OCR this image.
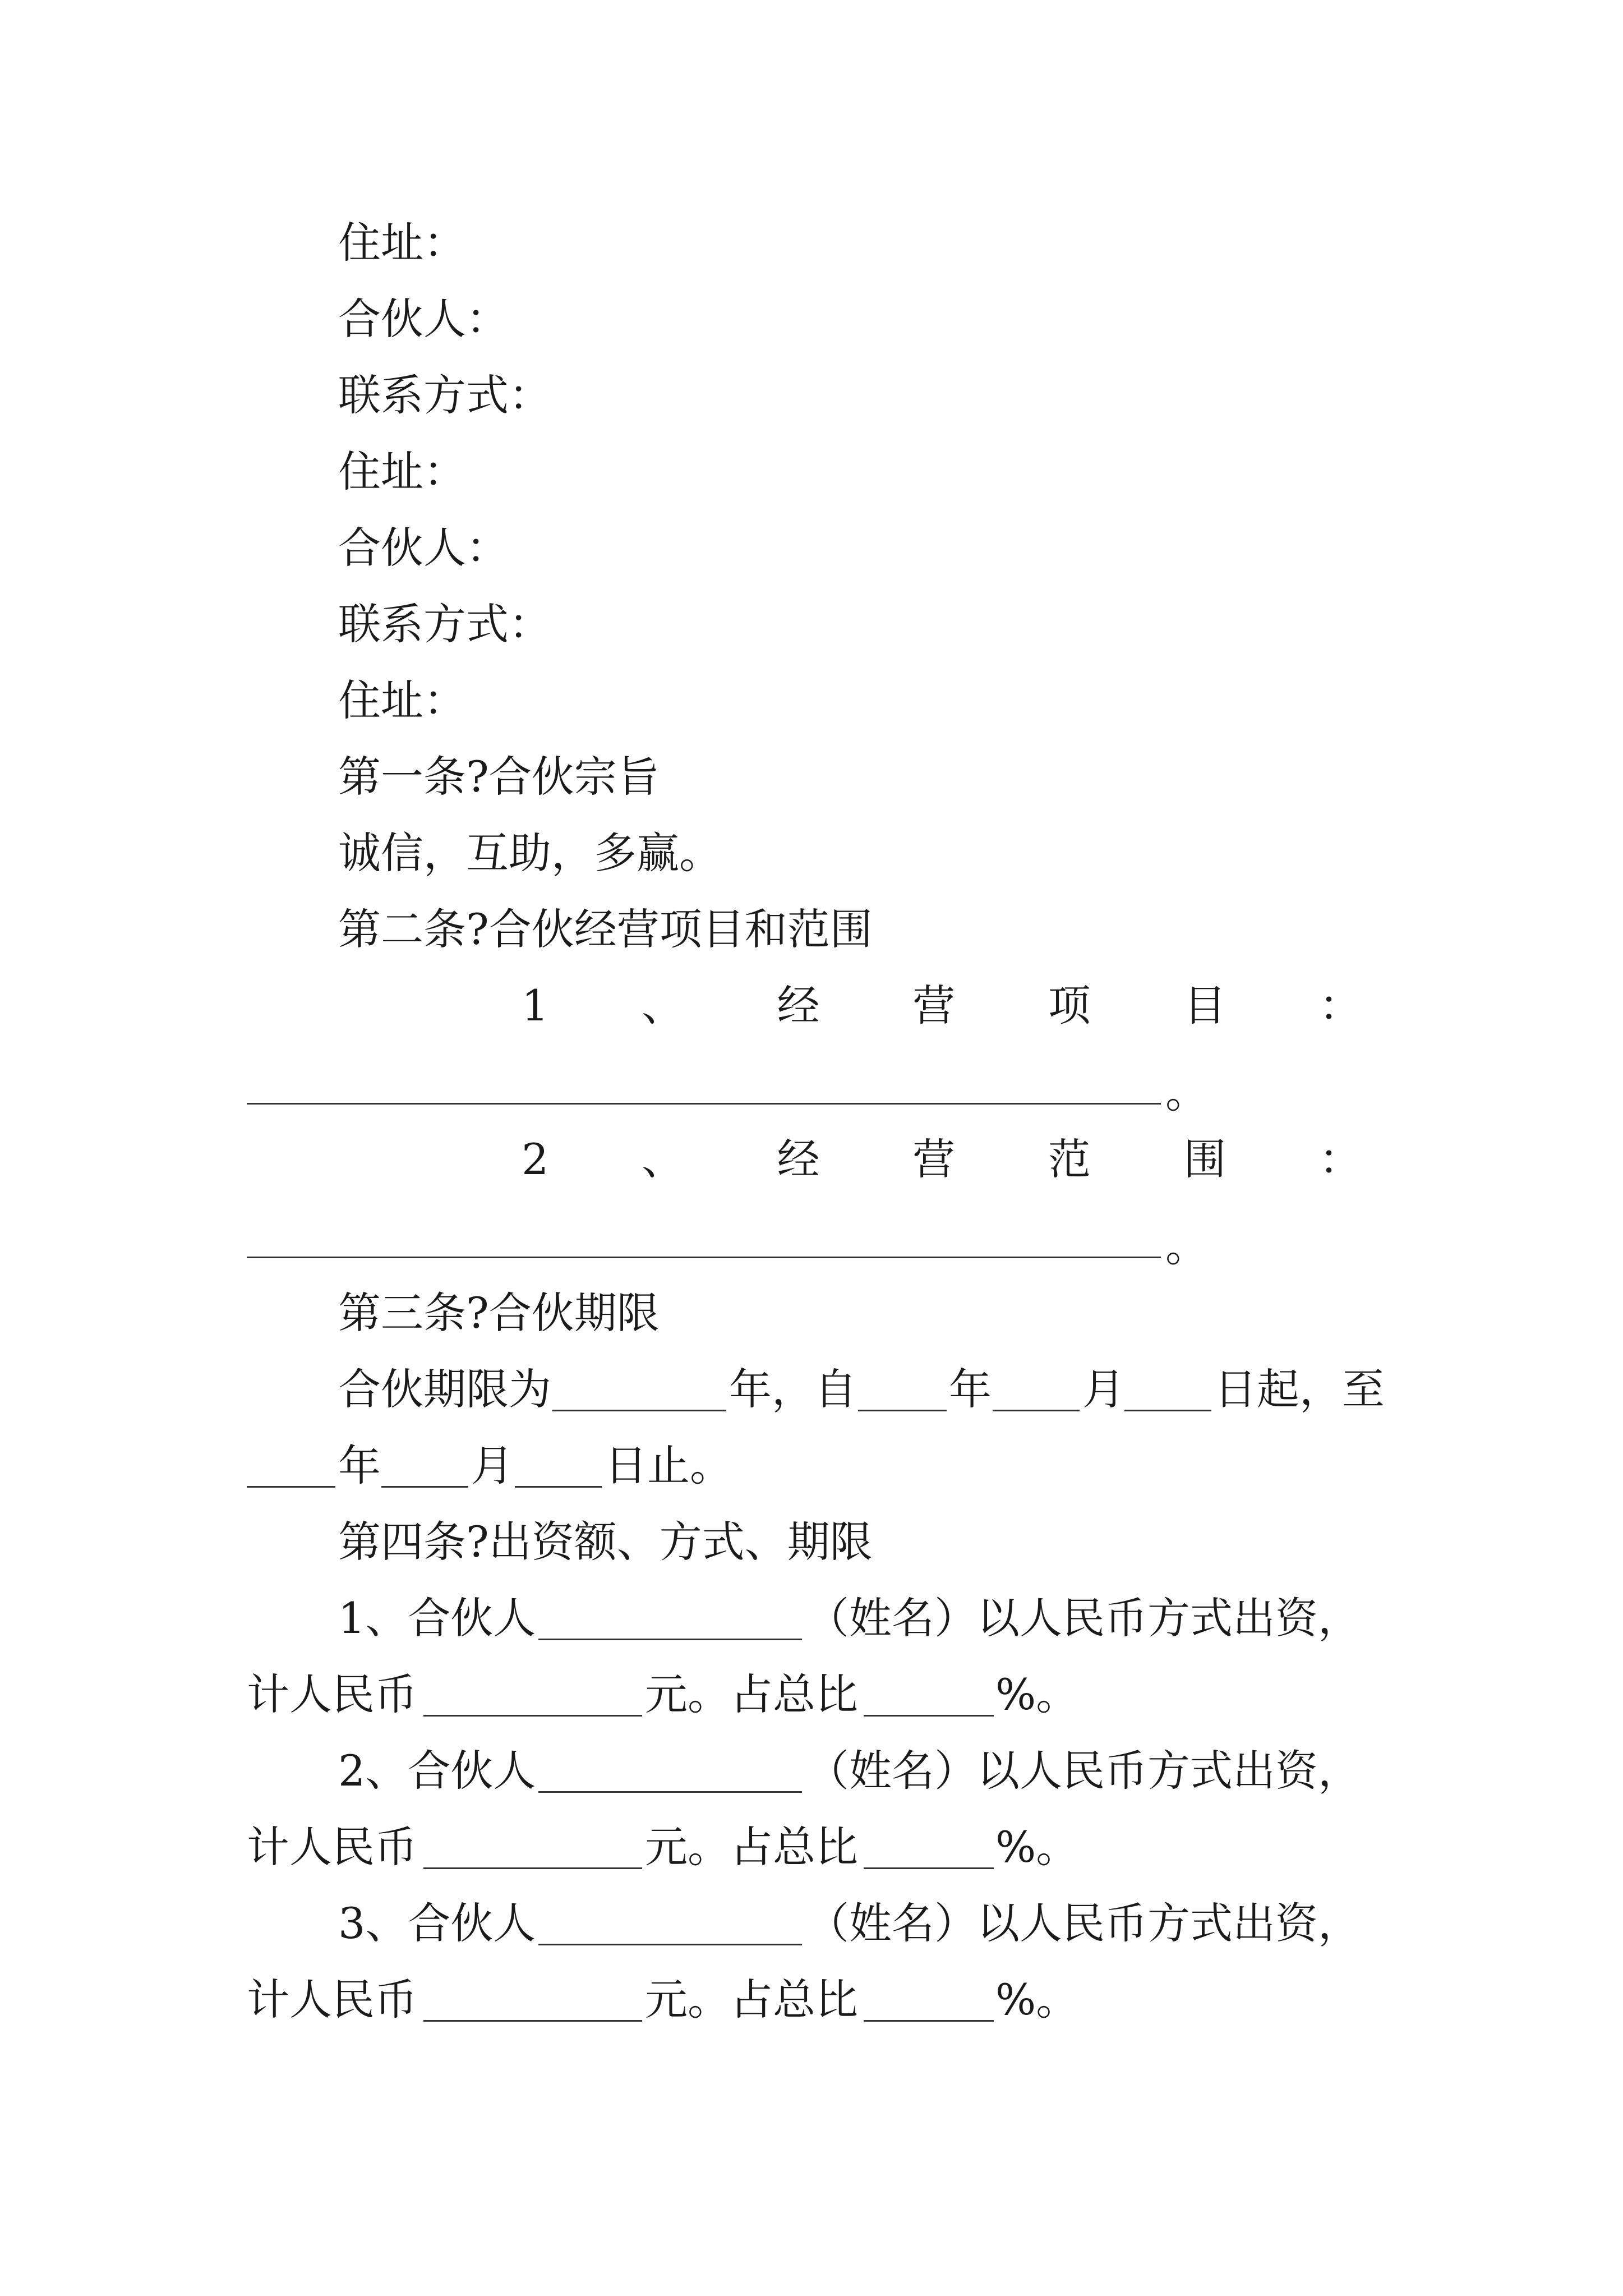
住址：
合伙人：
联系方式：
住址：
合伙人：
联系方式：
住址：
第一条?合伙宗旨
诚信，互助，多赢。
第二条?合伙经营项目和范围
1 、 经 营 项 目 ：
。
2 、 经 营 范 围 ：
。
第三条?合伙期限
合伙期限为	年，自 年 月 日起，至
年 月 日止。
第四条?出资额、方式、期限
1、合伙人	（姓名）以人民币方式出资，
计人民币	元。占总比	%。
2、合伙人	（姓名）以人民币方式出资，
计人民币	元。占总比	%。
3、合伙人	（姓名）以人民币方式出资，
计人民币	元。占总比	%。
